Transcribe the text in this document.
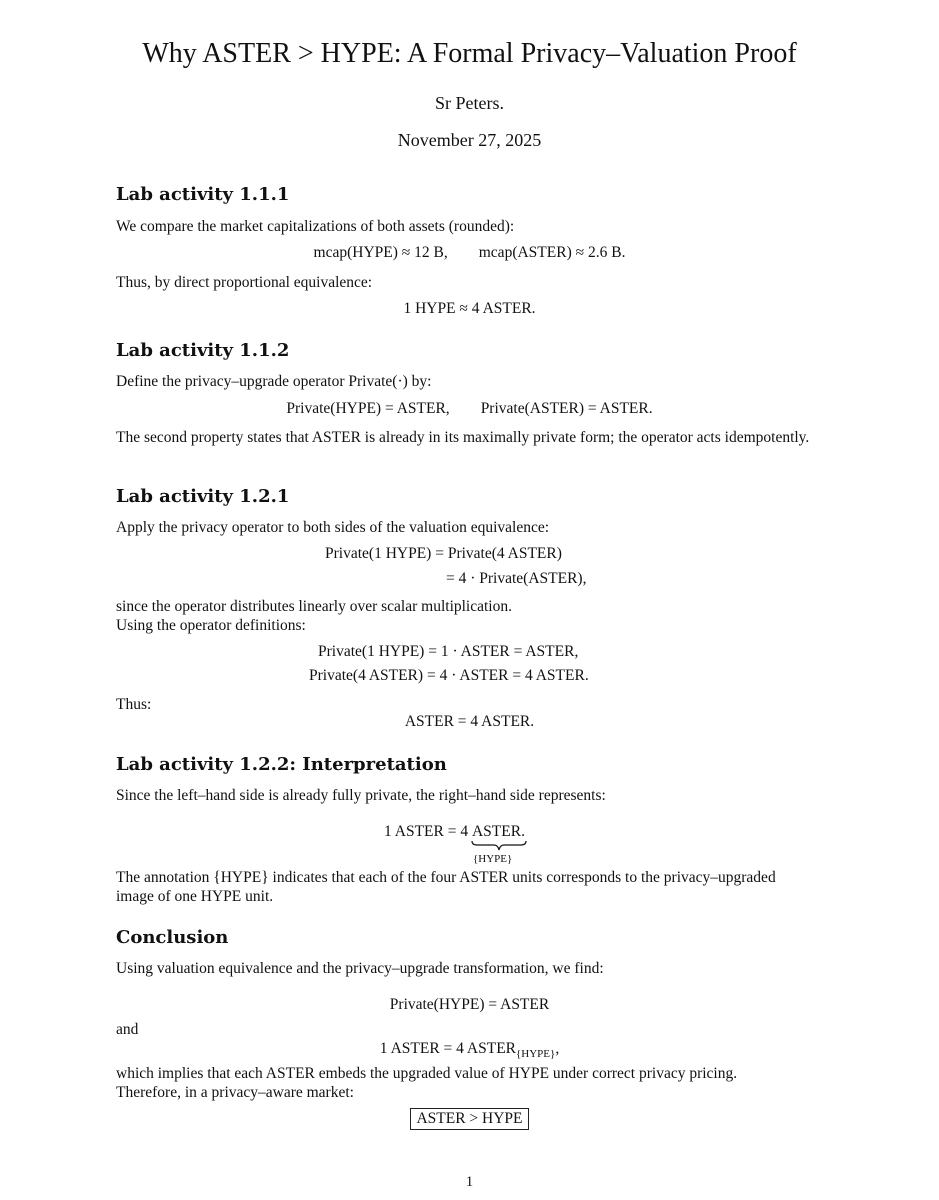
Why ASTER > HYPE: A Formal Privacy–Valuation Proof
Sr Peters.
November 27, 2025
Lab activity 1.1.1
We compare the market capitalizations of both assets (rounded):
mcap(HYPE) ≈ 12 B, mcap(ASTER) ≈ 2.6 B.
Thus, by direct proportional equivalence:
1 HYPE ≈ 4 ASTER.
Lab activity 1.1.2
Define the privacy–upgrade operator Private(·) by:
Private(HYPE) = ASTER, Private(ASTER) = ASTER.
The second property states that ASTER is already in its maximally private form; the operator acts idempotently.
Lab activity 1.2.1
Apply the privacy operator to both sides of the valuation equivalence:
Private(1 HYPE) = Private(4 ASTER)
= 4 · Private(ASTER),
since the operator distributes linearly over scalar multiplication.
Using the operator definitions:
Private(1 HYPE) = 1 · ASTER = ASTER,
Private(4 ASTER) = 4 · ASTER = 4 ASTER.
Thus:
ASTER = 4 ASTER.
Lab activity 1.2.2: Interpretation
Since the left–hand side is already fully private, the right–hand side represents:
1 ASTER = 4 ASTER
{HYPE}
.
The annotation {HYPE} indicates that each of the four ASTER units corresponds to the privacy–upgraded image of one HYPE unit.
Conclusion
Using valuation equivalence and the privacy–upgrade transformation, we find:
Private(HYPE) = ASTER
and
1 ASTER = 4 $ASTER_{\{HYPE\}}$,
which implies that each ASTER embeds the upgraded value of HYPE under correct privacy pricing.
Therefore, in a privacy–aware market:
ASTER > HYPE
1
